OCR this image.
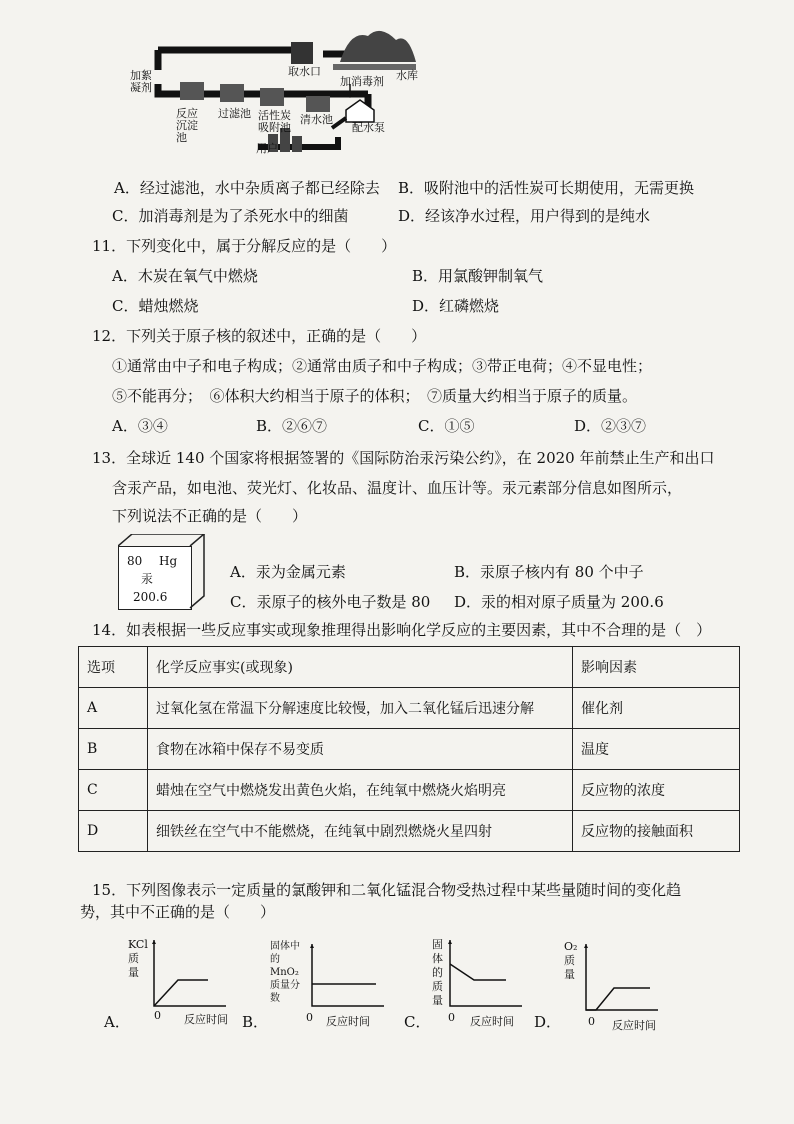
加絮凝剂
取水口	水库
加消毒剂
反应沉淀池
过滤池 活性炭吸附池
清水池
配水泵
用户
A．经过滤池，水中杂质离子都已经除去 B．吸附池中的活性炭可长期使用，无需更换
C．加消毒剂是为了杀死水中的细菌	D．经该净水过程，用户得到的是纯水
11．下列变化中，属于分解反应的是（　　）
A．木炭在氧气中燃烧	B．用氯酸钾制氧气
C．蜡烛燃烧	D．红磷燃烧
12．下列关于原子核的叙述中，正确的是（　　）
①通常由中子和电子构成；②通常由质子和中子构成；③带正电荷；④不显电性；
⑤不能再分；　⑥体积大约相当于原子的体积；　⑦质量大约相当于原子的质量。
A．③④	B．②⑥⑦	C．①⑤	D．②③⑦
13．全球近 140 个国家将根据签署的《国际防治汞污染公约》，在 2020 年前禁止生产和出口
含汞产品，如电池、荧光灯、化妆品、温度计、血压计等。汞元素部分信息如图所示，
下列说法不正确的是（　　）
80 Hg
汞
200.6
A．汞为金属元素	B．汞原子核内有 80 个中子
C．汞原子的核外电子数是 80 D．汞的相对原子质量为 200.6
14．如表根据一些反应事实或现象推理得出影响化学反应的主要因素，其中不合理的是（　）
选项	化学反应事实(或现象)	影响因素
A	过氧化氢在常温下分解速度比较慢，加入二氧化锰后迅速分解	催化剂
B	食物在冰箱中保存不易变质	温度
C	蜡烛在空气中燃烧发出黄色火焰，在纯氧中燃烧火焰明亮	反应物的浓度
D	细铁丝在空气中不能燃烧，在纯氧中剧烈燃烧火星四射	反应物的接触面积
15．下列图像表示一定质量的氯酸钾和二氧化锰混合物受热过程中某些量随时间的变化趋
势，其中不正确的是（　　）
A．
KCl质量
0 反应时间 B．
固体中的MnO₂质量分数
0 反应时间 C．
固体的质量
0 反应时间 D．
O₂质量
0 反应时间
